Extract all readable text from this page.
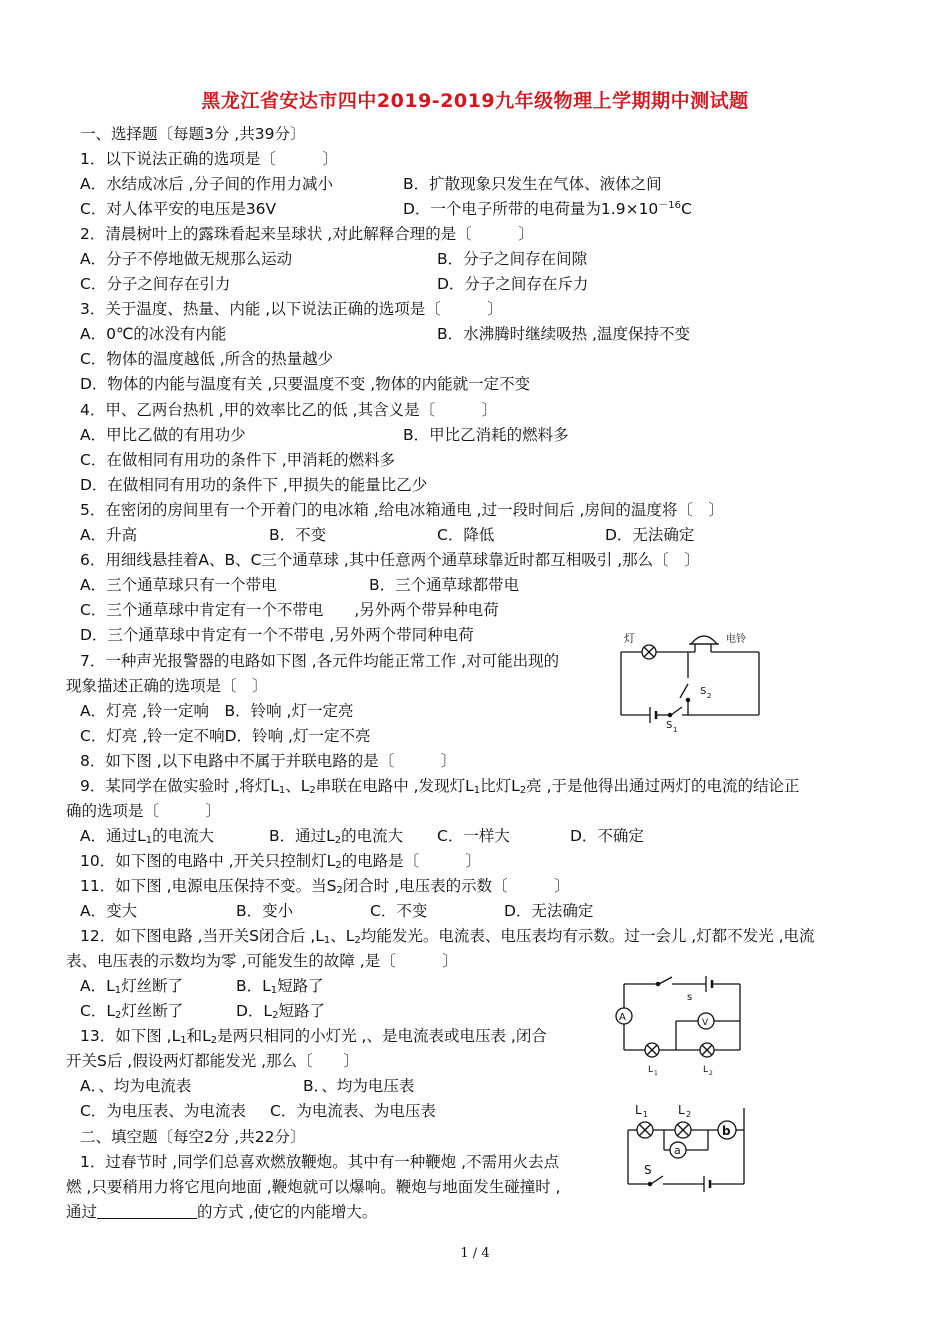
黑龙江省安达市四中2019-2019九年级物理上学期期中测试题
一、选择题〔每题3分 ,共39分〕
1．以下说法正确的选项是〔　　　〕
A．水结成冰后 ,分子间的作用力减小	B．扩散现象只发生在气体、液体之间
C．对人体平安的电压是36V	D．一个电子所带的电荷量为$1.9\times 10^{-16}C$
2．清晨树叶上的露珠看起来呈球状 ,对此解释合理的是〔　　　〕
A．分子不停地做无规那么运动	B．分子之间存在间隙
C．分子之间存在引力	D．分子之间存在斥力
3．关于温度、热量、内能 ,以下说法正确的选项是〔　　　〕
A．0℃的冰没有内能	B．水沸腾时继续吸热 ,温度保持不变
C．物体的温度越低 ,所含的热量越少
D．物体的内能与温度有关 ,只要温度不变 ,物体的内能就一定不变
4．甲、乙两台热机 ,甲的效率比乙的低 ,其含义是〔　　　〕
A．甲比乙做的有用功少	B．甲比乙消耗的燃料多
C．在做相同有用功的条件下 ,甲消耗的燃料多
D．在做相同有用功的条件下 ,甲损失的能量比乙少
5．在密闭的房间里有一个开着门的电冰箱 ,给电冰箱通电 ,过一段时间后 ,房间的温度将〔　〕
A．升高	B．不变	C．降低	D．无法确定
6．用细线悬挂着A、B、C三个通草球 ,其中任意两个通草球靠近时都互相吸引 ,那么〔　〕
A．三个通草球只有一个带电	B．三个通草球都带电
C．三个通草球中肯定有一个不带电　　,另外两个带异种电荷
D．三个通草球中肯定有一个不带电 ,另外两个带同种电荷
7．一种声光报警器的电路如下图 ,各元件均能正常工作 ,对可能出现的
现象描述正确的选项是〔　〕
A．灯亮 ,铃一定响　B．铃响 ,灯一定亮
C．灯亮 ,铃一定不响D．铃响 ,灯一定不亮
8．如下图 ,以下电路中不属于并联电路的是〔　　　〕
9．某同学在做实验时 ,将灯$L_1$、$L_2$串联在电路中 ,发现灯$L_1$比灯$L_2$亮 ,于是他得出通过两灯的电流的结论正
确的选项是〔　　　〕
A．通过$L_1$的电流大	B．通过$L_2$的电流大 C．一样大	D．不确定
10．如下图的电路中 ,开关只控制灯$L_2$的电路是〔　　　〕
11．如下图 ,电源电压保持不变。当$S_2$闭合时 ,电压表的示数〔　　　〕
A．变大	B．变小	C．不变	D．无法确定
12．如下图电路 ,当开关S闭合后 $,L_1$、$L_2$均能发光。电流表、电压表均有示数。过一会儿 ,灯都不发光 ,电流
表、电压表的示数均为零 ,可能发生的故障 ,是〔　　　〕
A．$L_1$灯丝断了	B．$L_1$短路了
C．$L_2$灯丝断了	D．$L_2$短路了
13．如下图 $,L_1$和$L_2$是两只相同的小灯光 ,、是电流表或电压表 ,闭合
开关S后 ,假设两灯都能发光 ,那么〔　　〕
A．、均为电流表	B．、均为电压表
C．为电压表、为电流表 C．为电流表、为电压表
二、填空题〔每空2分 ,共22分〕
1．过春节时 ,同学们总喜欢燃放鞭炮。其中有一种鞭炮 ,不需用火去点
燃 ,只要稍用力将它甩向地面 ,鞭炮就可以爆响。鞭炮与地面发生碰撞时 ,
通过	的方式 ,使它的内能增大。
灯	电铃
S 2
S 1
s
A	V
L 1	L 2
L 1 L 2
b
a
S
1 / 4
